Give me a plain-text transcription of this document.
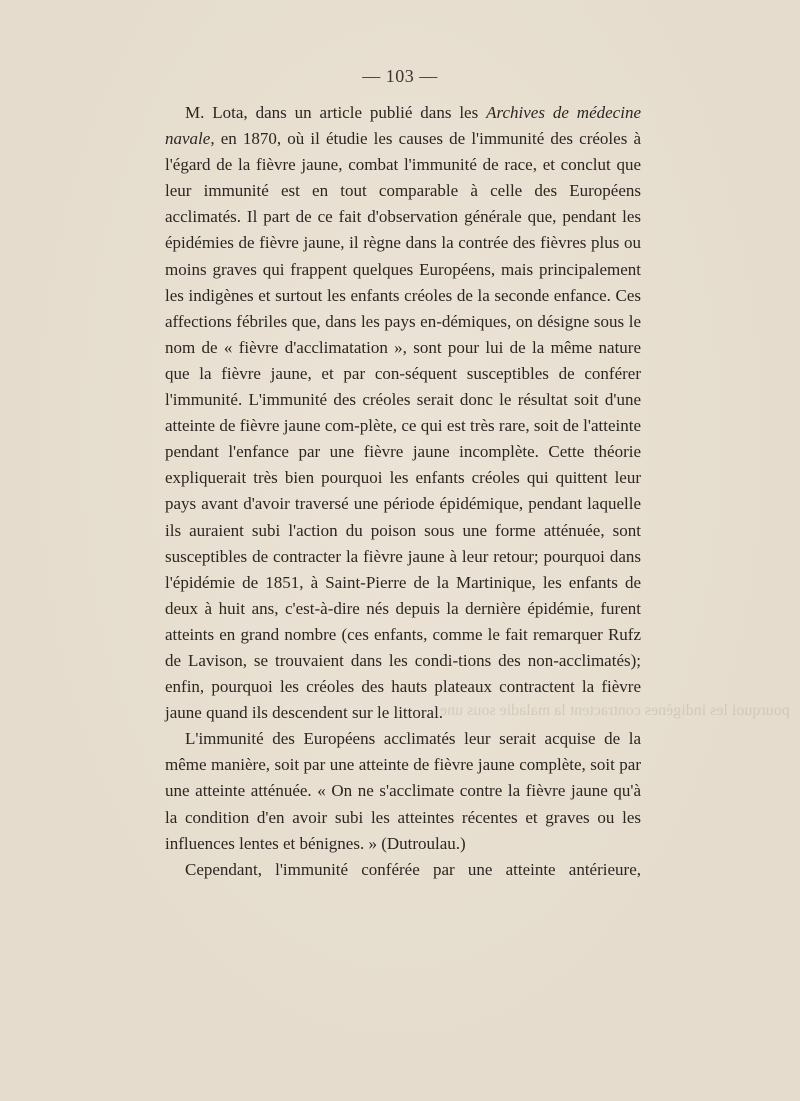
— 103 —

M. Lota, dans un article publié dans les Archives de médecine navale, en 1870, où il étudie les causes de l'immunité des créoles à l'égard de la fièvre jaune, combat l'immunité de race, et conclut que leur immunité est en tout comparable à celle des Européens acclimatés. Il part de ce fait d'observation générale que, pendant les épidémies de fièvre jaune, il règne dans la contrée des fièvres plus ou moins graves qui frappent quelques Européens, mais principalement les indigènes et surtout les enfants créoles de la seconde enfance. Ces affections fébriles que, dans les pays en-démiques, on désigne sous le nom de « fièvre d'acclimatation », sont pour lui de la même nature que la fièvre jaune, et par con-séquent susceptibles de conférer l'immunité. L'immunité des créoles serait donc le résultat soit d'une atteinte de fièvre jaune com-plète, ce qui est très rare, soit de l'atteinte pendant l'enfance par une fièvre jaune incomplète. Cette théorie expliquerait très bien pourquoi les enfants créoles qui quittent leur pays avant d'avoir traversé une période épidémique, pendant laquelle ils auraient subi l'action du poison sous une forme atténuée, sont susceptibles de contracter la fièvre jaune à leur retour; pourquoi dans l'épidémie de 1851, à Saint-Pierre de la Martinique, les enfants de deux à huit ans, c'est-à-dire nés depuis la dernière épidémie, furent atteints en grand nombre (ces enfants, comme le fait remarquer Rufz de Lavison, se trouvaient dans les condi-tions des non-acclimatés); enfin, pourquoi les créoles des hauts plateaux contractent la fièvre jaune quand ils descendent sur le littoral.

L'immunité des Européens acclimatés leur serait acquise de la même manière, soit par une atteinte de fièvre jaune complète, soit par une atteinte atténuée. « On ne s'acclimate contre la fièvre jaune qu'à la condition d'en avoir subi les atteintes récentes et graves ou les influences lentes et bénignes. » (Dutroulau.)

Cependant, l'immunité conférée par une atteinte antérieure,

pourquoi les indigènes contractent la maladie sous une
